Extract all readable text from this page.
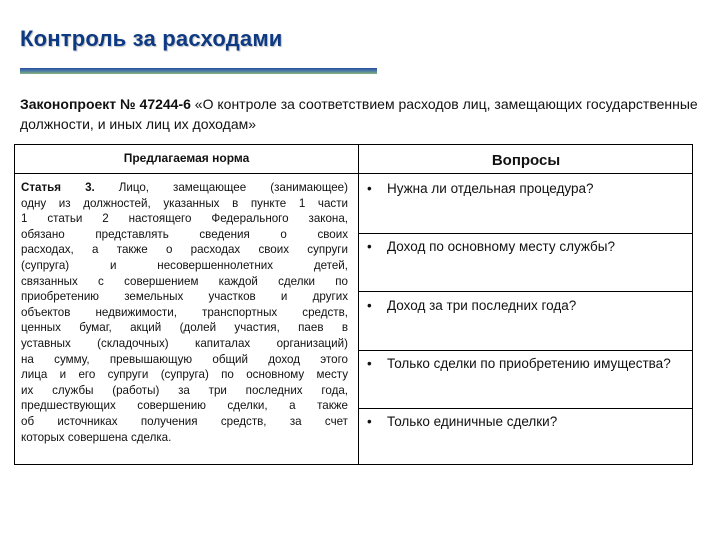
Контроль за расходами
Законопроект № 47244-6 «О контроле за соответствием расходов лиц, замещающих государственные должности, и иных лиц их доходам»
Предлагаемая норма	Вопросы
Статья 3. Лицо, замещающее (занимающее)
одну из должностей, указанных в пункте 1 части
1 статьи 2 настоящего Федерального закона,
обязано представлять сведения о своих
расходах, а также о расходах своих супруги
(супруга) и несовершеннолетних детей,
связанных с совершением каждой сделки по
приобретению земельных участков и других
объектов недвижимости, транспортных средств,
ценных бумаг, акций (долей участия, паев в
уставных (складочных) капиталах организаций)
на сумму, превышающую общий доход этого
лица и его супруги (супруга) по основному месту
их службы (работы) за три последних года,
предшествующих совершению сделки, а также
об источниках получения средств, за счет
которых совершена сделка.
• Нужна ли отдельная процедура?
• Доход по основному месту службы?
• Доход за три последних года?
• Только сделки по приобретению имущества?
• Только единичные сделки?
